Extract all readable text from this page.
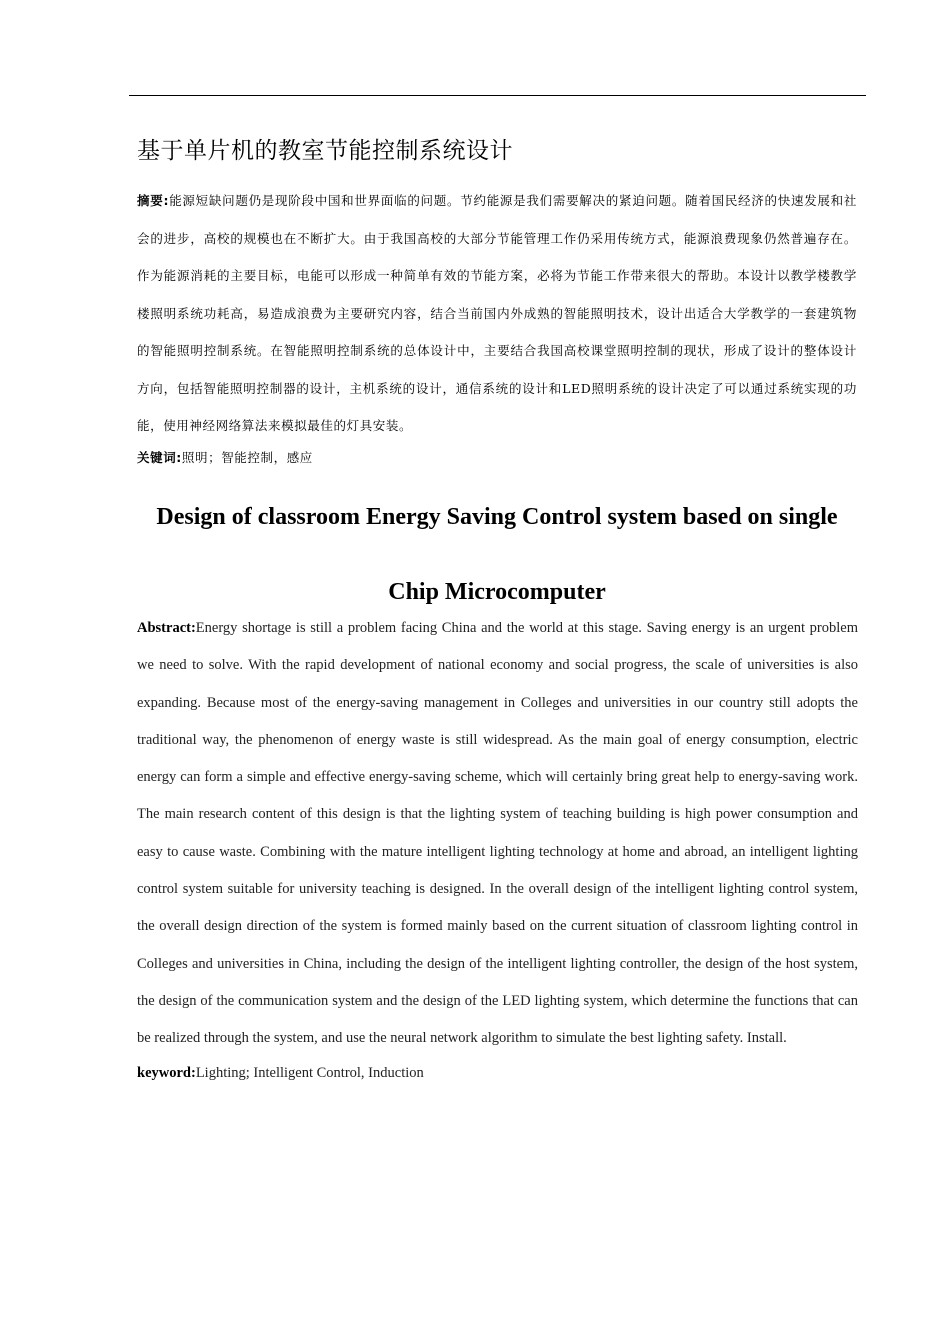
基于单片机的教室节能控制系统设计
摘要:能源短缺问题仍是现阶段中国和世界面临的问题。节约能源是我们需要解决的紧迫问题。随着国民经济的快速发展和社会的进步，高校的规模也在不断扩大。由于我国高校的大部分节能管理工作仍采用传统方式，能源浪费现象仍然普遍存在。作为能源消耗的主要目标，电能可以形成一种简单有效的节能方案，必将为节能工作带来很大的帮助。本设计以教学楼教学楼照明系统功耗高，易造成浪费为主要研究内容，结合当前国内外成熟的智能照明技术，设计出适合大学教学的一套建筑物的智能照明控制系统。在智能照明控制系统的总体设计中，主要结合我国高校课堂照明控制的现状，形成了设计的整体设计方向，包括智能照明控制器的设计，主机系统的设计，通信系统的设计和LED照明系统的设计决定了可以通过系统实现的功能，使用神经网络算法来模拟最佳的灯具安装。
关键词:照明；智能控制，感应
Design of classroom Energy Saving Control system based on single Chip Microcomputer
Abstract:Energy shortage is still a problem facing China and the world at this stage. Saving energy is an urgent problem we need to solve. With the rapid development of national economy and social progress, the scale of universities is also expanding. Because most of the energy-saving management in Colleges and universities in our country still adopts the traditional way, the phenomenon of energy waste is still widespread. As the main goal of energy consumption, electric energy can form a simple and effective energy-saving scheme, which will certainly bring great help to energy-saving work. The main research content of this design is that the lighting system of teaching building is high power consumption and easy to cause waste. Combining with the mature intelligent lighting technology at home and abroad, an intelligent lighting control system suitable for university teaching is designed. In the overall design of the intelligent lighting control system, the overall design direction of the system is formed mainly based on the current situation of classroom lighting control in Colleges and universities in China, including the design of the intelligent lighting controller, the design of the host system, the design of the communication system and the design of the LED lighting system, which determine the functions that can be realized through the system, and use the neural network algorithm to simulate the best lighting safety. Install.
keyword:Lighting; Intelligent Control, Induction
